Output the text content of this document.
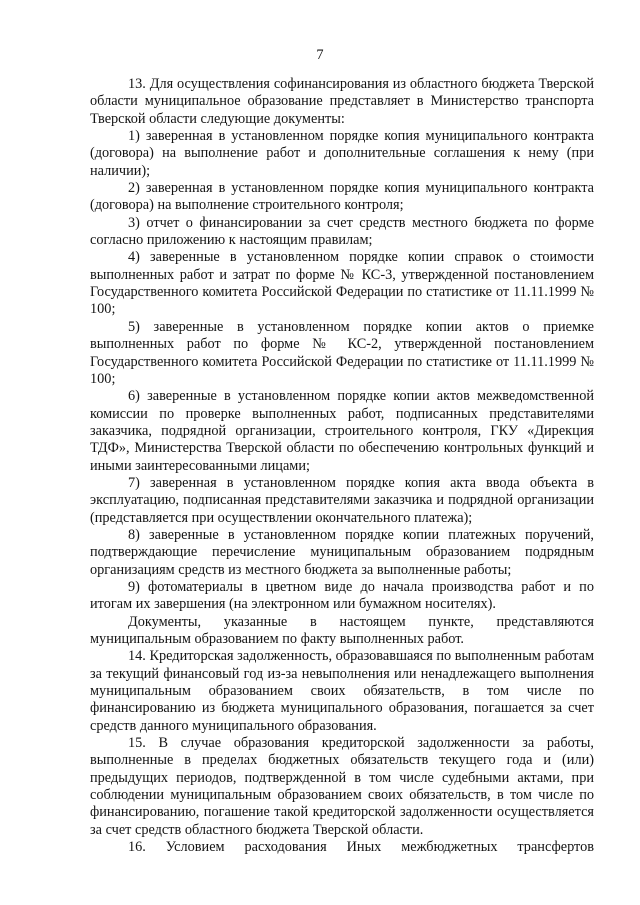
7

13. Для осуществления софинансирования из областного бюджета Тверской области муниципальное образование представляет в Министерство транспорта Тверской области следующие документы:

1) заверенная в установленном порядке копия муниципального контракта (договора) на выполнение работ и дополнительные соглашения к нему (при наличии);

2) заверенная в установленном порядке копия муниципального контракта (договора) на выполнение строительного контроля;

3) отчет о финансировании за счет средств местного бюджета по форме согласно приложению к настоящим правилам;

4) заверенные в установленном порядке копии справок о стоимости выполненных работ и затрат по форме № КС-3, утвержденной постановлением Государственного комитета Российской Федерации по статистике от 11.11.1999 № 100;

5) заверенные в установленном порядке копии актов о приемке выполненных работ по форме № КС-2, утвержденной постановлением Государственного комитета Российской Федерации по статистике от 11.11.1999 № 100;

6) заверенные в установленном порядке копии актов межведомственной комиссии по проверке выполненных работ, подписанных представителями заказчика, подрядной организации, строительного контроля, ГКУ «Дирекция ТДФ», Министерства Тверской области по обеспечению контрольных функций и иными заинтересованными лицами;

7) заверенная в установленном порядке копия акта ввода объекта в эксплуатацию, подписанная представителями заказчика и подрядной организации (представляется при осуществлении окончательного платежа);

8) заверенные в установленном порядке копии платежных поручений, подтверждающие перечисление муниципальным образованием подрядным организациям средств из местного бюджета за выполненные работы;

9) фотоматериалы в цветном виде до начала производства работ и по итогам их завершения (на электронном или бумажном носителях).

Документы, указанные в настоящем пункте, представляются муниципальным образованием по факту выполненных работ.

14. Кредиторская задолженность, образовавшаяся по выполненным работам за текущий финансовый год из-за невыполнения или ненадлежащего выполнения муниципальным образованием своих обязательств, в том числе по финансированию из бюджета муниципального образования, погашается за счет средств данного муниципального образования.

15. В случае образования кредиторской задолженности за работы, выполненные в пределах бюджетных обязательств текущего года и (или) предыдущих периодов, подтвержденной в том числе судебными актами, при соблюдении муниципальным образованием своих обязательств, в том числе по финансированию, погашение такой кредиторской задолженности осуществляется за счет средств областного бюджета Тверской области.

16. Условием расходования Иных межбюджетных трансфертов
